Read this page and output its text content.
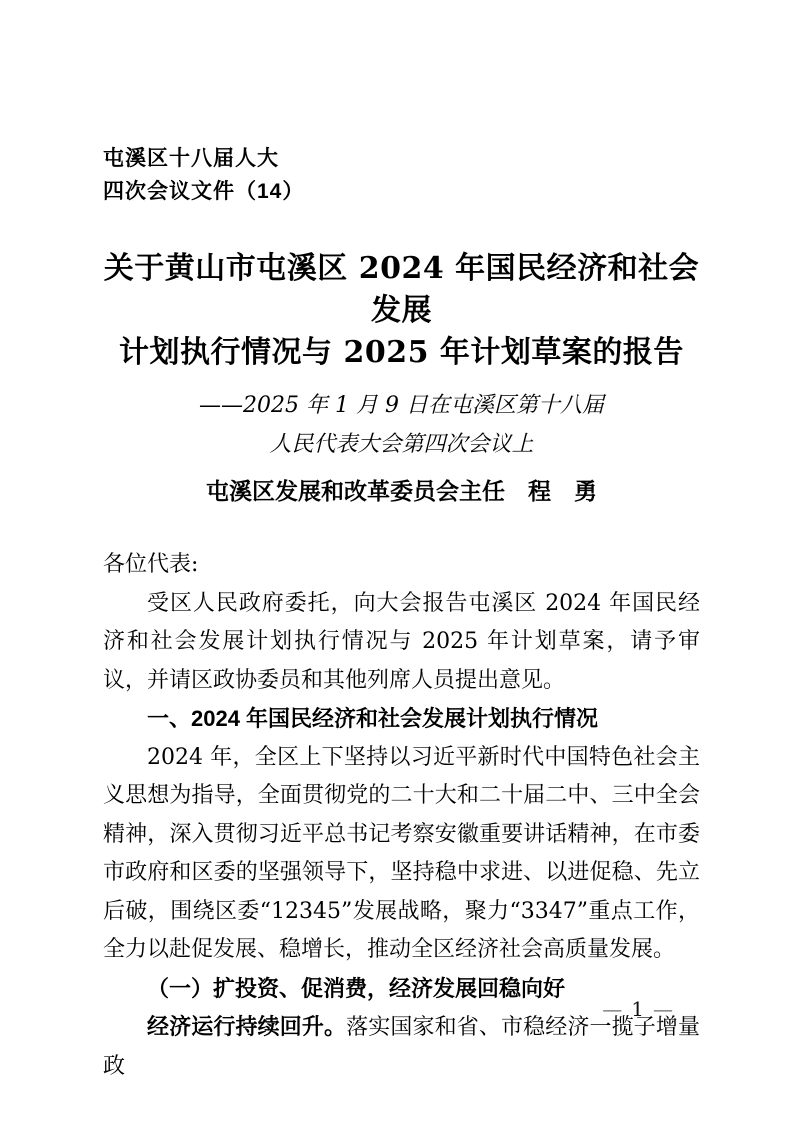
屯溪区十八届人大
四次会议文件（14）
关于黄山市屯溪区 2024 年国民经济和社会发展
计划执行情况与 2025 年计划草案的报告
——2025 年 1 月 9 日在屯溪区第十八届
人民代表大会第四次会议上
屯溪区发展和改革委员会主任　程　勇

各位代表:

受区人民政府委托，向大会报告屯溪区 2024 年国民经济和社会发展计划执行情况与 2025 年计划草案，请予审议，并请区政协委员和其他列席人员提出意见。

一、2024 年国民经济和社会发展计划执行情况

2024 年，全区上下坚持以习近平新时代中国特色社会主义思想为指导，全面贯彻党的二十大和二十届二中、三中全会精神，深入贯彻习近平总书记考察安徽重要讲话精神，在市委市政府和区委的坚强领导下，坚持稳中求进、以进促稳、先立后破，围绕区委“12345”发展战略，聚力“3347”重点工作，全力以赴促发展、稳增长，推动全区经济社会高质量发展。

（一）扩投资、促消费，经济发展回稳向好

经济运行持续回升。落实国家和省、市稳经济一揽子增量政

— 1 —
